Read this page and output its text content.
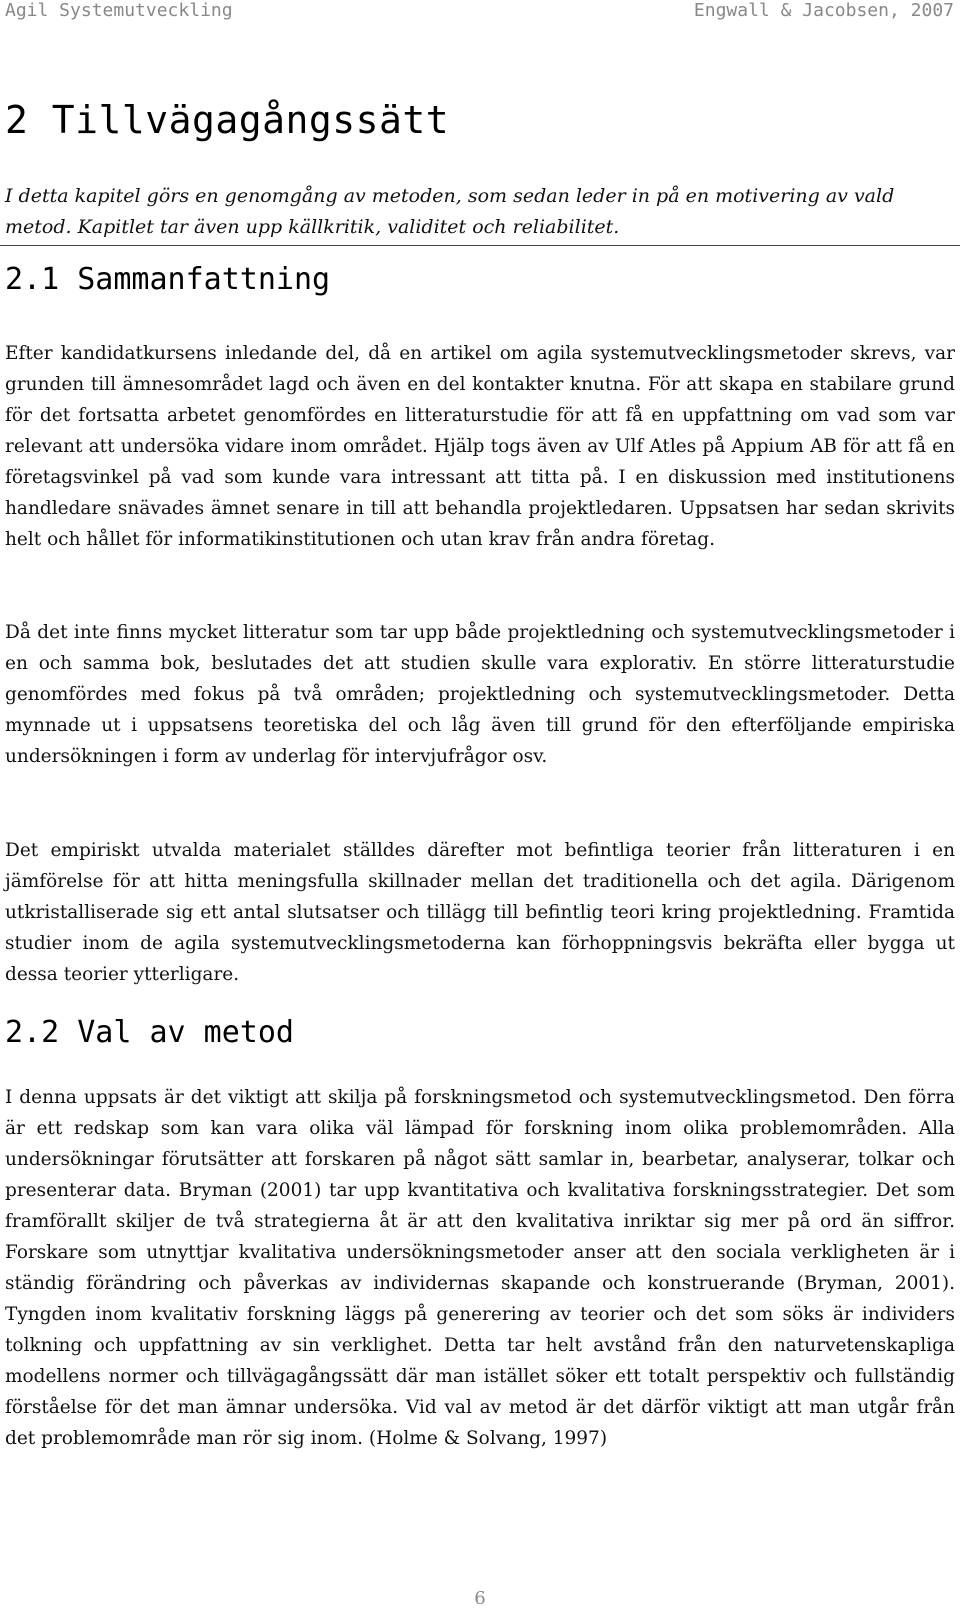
Agil Systemutveckling	Engwall & Jacobsen, 2007
2 Tillvägagångssätt

I detta kapitel görs en genomgång av metoden, som sedan leder in på en motivering av vald metod. Kapitlet tar även upp källkritik, validitet och reliabilitet.

2.1 Sammanfattning

Efter kandidatkursens inledande del, då en artikel om agila systemutvecklingsmetoder skrevs, var grunden till ämnesområdet lagd och även en del kontakter knutna. För att skapa en stabilare grund för det fortsatta arbetet genomfördes en litteraturstudie för att få en uppfattning om vad som var relevant att undersöka vidare inom området. Hjälp togs även av Ulf Atles på Appium AB för att få en företagsvinkel på vad som kunde vara intressant att titta på. I en diskussion med institutionens handledare snävades ämnet senare in till att behandla projektledaren. Uppsatsen har sedan skrivits helt och hållet för informatikinstitutionen och utan krav från andra företag.

Då det inte finns mycket litteratur som tar upp både projektledning och systemutvecklingsmetoder i en och samma bok, beslutades det att studien skulle vara explorativ. En större litteraturstudie genomfördes med fokus på två områden; projektledning och systemutvecklingsmetoder. Detta mynnade ut i uppsatsens teoretiska del och låg även till grund för den efterföljande empiriska undersökningen i form av underlag för intervjufrågor osv.

Det empiriskt utvalda materialet ställdes därefter mot befintliga teorier från litteraturen i en jämförelse för att hitta meningsfulla skillnader mellan det traditionella och det agila. Därigenom utkristalliserade sig ett antal slutsatser och tillägg till befintlig teori kring projektledning. Framtida studier inom de agila systemutvecklingsmetoderna kan förhoppningsvis bekräfta eller bygga ut dessa teorier ytterligare.

2.2 Val av metod

I denna uppsats är det viktigt att skilja på forskningsmetod och systemutvecklingsmetod. Den förra är ett redskap som kan vara olika väl lämpad för forskning inom olika problemområden. Alla undersökningar förutsätter att forskaren på något sätt samlar in, bearbetar, analyserar, tolkar och presenterar data. Bryman (2001) tar upp kvantitativa och kvalitativa forskningsstrategier. Det som framförallt skiljer de två strategierna åt är att den kvalitativa inriktar sig mer på ord än siffror. Forskare som utnyttjar kvalitativa undersökningsmetoder anser att den sociala verkligheten är i ständig förändring och påverkas av individernas skapande och konstruerande (Bryman, 2001). Tyngden inom kvalitativ forskning läggs på generering av teorier och det som söks är individers tolkning och uppfattning av sin verklighet. Detta tar helt avstånd från den naturvetenskapliga modellens normer och tillvägagångssätt där man istället söker ett totalt perspektiv och fullständig förståelse för det man ämnar undersöka. Vid val av metod är det därför viktigt att man utgår från det problemområde man rör sig inom. (Holme & Solvang, 1997)

6
